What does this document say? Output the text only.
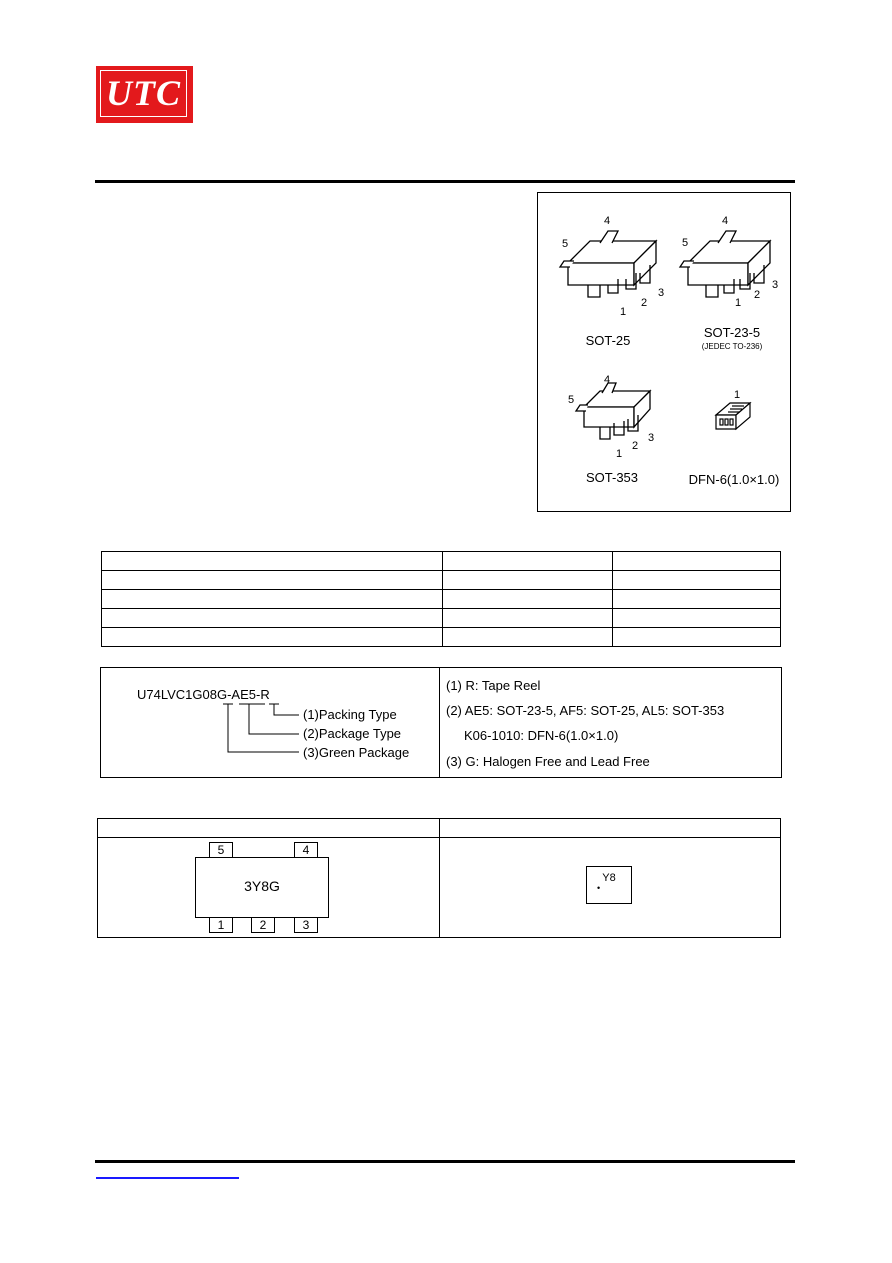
UTC
4
5
1
2
3
SOT-25
4
5
1
2
3
SOT-23-5
(JEDEC TO-236)
4
5
1
2
3
SOT-353
1
DFN-6(1.0×1.0)

U74LVC1G08G-AE5-R
(1)Packing Type
(2)Package Type
(3)Green Package
(1) R: Tape Reel
(2) AE5: SOT-23-5, AF5: SOT-25, AL5: SOT-353
K06-1010: DFN-6(1.0×1.0)
(3) G: Halogen Free and Lead Free
5	4
3Y8G
1	2	3
Y8
•
